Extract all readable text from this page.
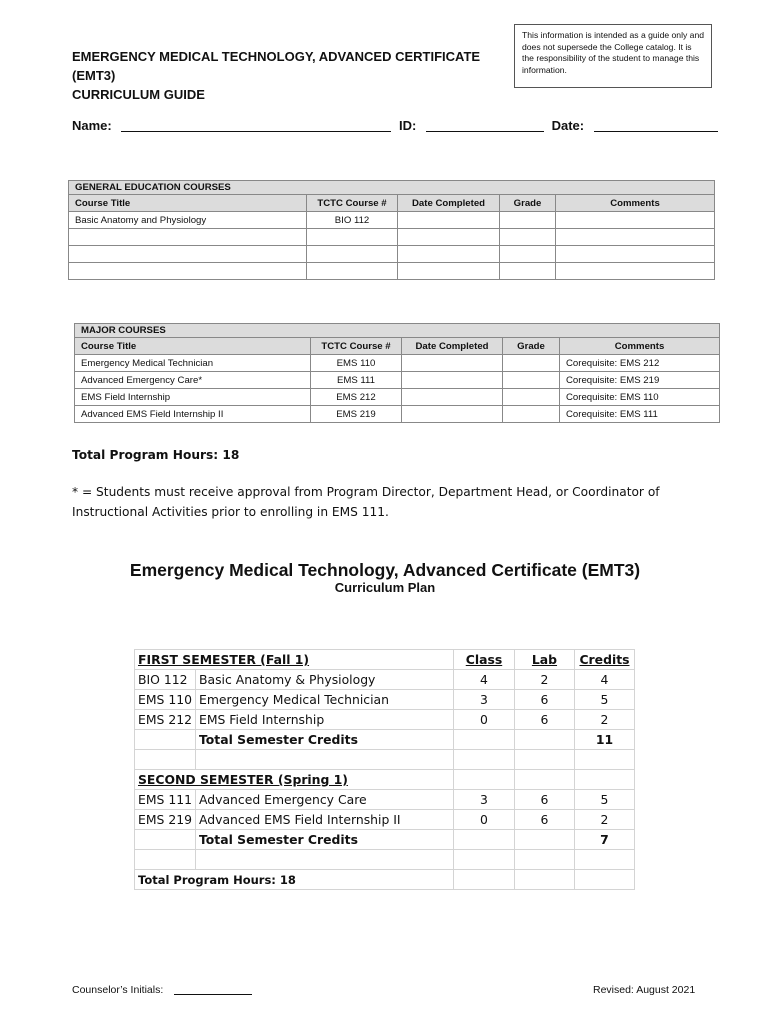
EMERGENCY MEDICAL TECHNOLOGY, ADVANCED CERTIFICATE (EMT3)
CURRICULUM GUIDE
This information is intended as a guide only and does not supersede the College catalog. It is the responsibility of the student to manage this information.
Name:	ID:	Date:
GENERAL EDUCATION COURSES				
Course Title	TCTC Course #	Date Completed	Grade	Comments
Basic Anatomy and Physiology	BIO 112			

MAJOR COURSES				
Course Title	TCTC Course #	Date Completed	Grade	Comments
Emergency Medical Technician	EMS 110			Corequisite: EMS 212
Advanced Emergency Care*	EMS 111			Corequisite: EMS 219
EMS Field Internship	EMS 212			Corequisite: EMS 110
Advanced EMS Field Internship II	EMS 219			Corequisite: EMS 111
Total Program Hours: 18
* = Students must receive approval from Program Director, Department Head, or Coordinator of Instructional Activities prior to enrolling in EMS 111.
Emergency Medical Technology, Advanced Certificate (EMT3)
Curriculum Plan
FIRST SEMESTER (Fall 1)		Class	Lab	Credits
BIO 112	Basic Anatomy & Physiology	4	2	4
EMS 110	Emergency Medical Technician	3	6	5
EMS 212	EMS Field Internship	0	6	2
	Total Semester Credits			11

SECOND SEMESTER (Spring 1)				
EMS 111	Advanced Emergency Care	3	6	5
EMS 219	Advanced EMS Field Internship II	0	6	2
	Total Semester Credits			7

Total Program Hours: 18				
Counselor’s Initials:	Revised: August 2021
